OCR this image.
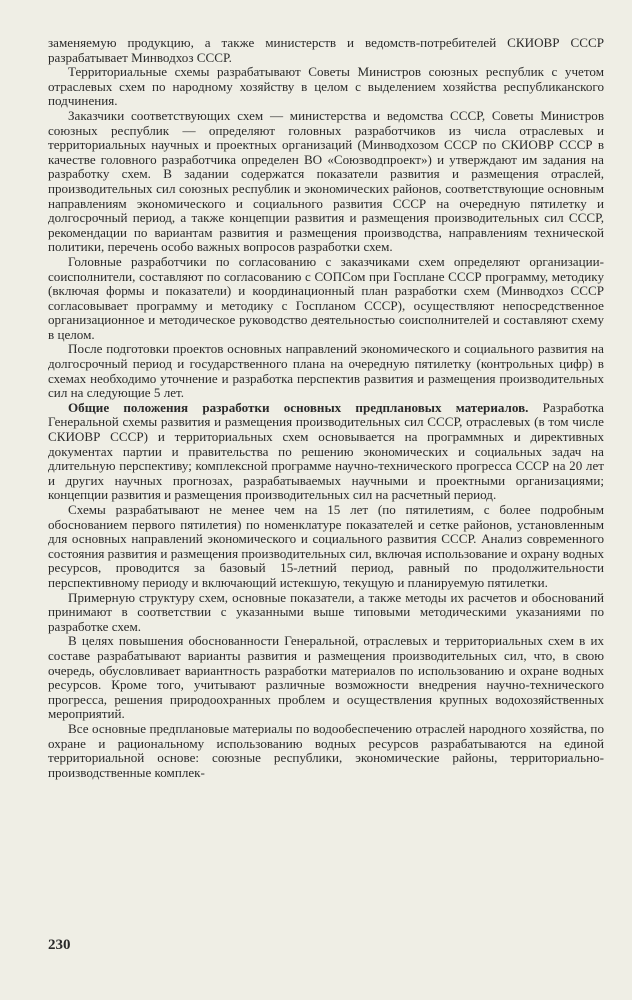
заменяемую продукцию, а также министерств и ведомств-потребителей СКИОВР СССР разрабатывает Минводхоз СССР.

Территориальные схемы разрабатывают Советы Министров союзных республик с учетом отраслевых схем по народному хозяйству в целом с выделением хозяйства республиканского подчинения.

Заказчики соответствующих схем — министерства и ведомства СССР, Советы Министров союзных республик — определяют головных разработчиков из числа отраслевых и территориальных научных и проектных организаций (Минводхозом СССР по СКИОВР СССР в качестве головного разработчика определен ВО «Союзводпроект») и утверждают им задания на разработку схем. В задании содержатся показатели развития и размещения отраслей, производительных сил союзных республик и экономических районов, соответствующие основным направлениям экономического и социального развития СССР на очередную пятилетку и долгосрочный период, а также концепции развития и размещения производительных сил СССР, рекомендации по вариантам развития и размещения производства, направлениям технической политики, перечень особо важных вопросов разработки схем.

Головные разработчики по согласованию с заказчиками схем определяют организации-соисполнители, составляют по согласованию с СОПСом при Госплане СССР программу, методику (включая формы и показатели) и координационный план разработки схем (Минводхоз СССР согласовывает программу и методику с Госпланом СССР), осуществляют непосредственное организационное и методическое руководство деятельностью соисполнителей и составляют схему в целом.

После подготовки проектов основных направлений экономического и социального развития на долгосрочный период и государственного плана на очередную пятилетку (контрольных цифр) в схемах необходимо уточнение и разработка перспектив развития и размещения производительных сил на следующие 5 лет.

Общие положения разработки основных предплановых материалов. Разработка Генеральной схемы развития и размещения производительных сил СССР, отраслевых (в том числе СКИОВР СССР) и территориальных схем основывается на программных и директивных документах партии и правительства по решению экономических и социальных задач на длительную перспективу; комплексной программе научно-технического прогресса СССР на 20 лет и других научных прогнозах, разрабатываемых научными и проектными организациями; концепции развития и размещения производительных сил на расчетный период.

Схемы разрабатывают не менее чем на 15 лет (по пятилетиям, с более подробным обоснованием первого пятилетия) по номенклатуре показателей и сетке районов, установленным для основных направлений экономического и социального развития СССР. Анализ современного состояния развития и размещения производительных сил, включая использование и охрану водных ресурсов, проводится за базовый 15-летний период, равный по продолжительности перспективному периоду и включающий истекшую, текущую и планируемую пятилетки.

Примерную структуру схем, основные показатели, а также методы их расчетов и обоснований принимают в соответствии с указанными выше типовыми методическими указаниями по разработке схем.

В целях повышения обоснованности Генеральной, отраслевых и территориальных схем в их составе разрабатывают варианты развития и размещения производительных сил, что, в свою очередь, обусловливает вариантность разработки материалов по использованию и охране водных ресурсов. Кроме того, учитывают различные возможности внедрения научно-технического прогресса, решения природоохранных проблем и осуществления крупных водохозяйственных мероприятий.

Все основные предплановые материалы по водообеспечению отраслей народного хозяйства, по охране и рациональному использованию водных ресурсов разрабатываются на единой территориальной основе: союзные республики, экономические районы, территориально-производственные комплек-

230
